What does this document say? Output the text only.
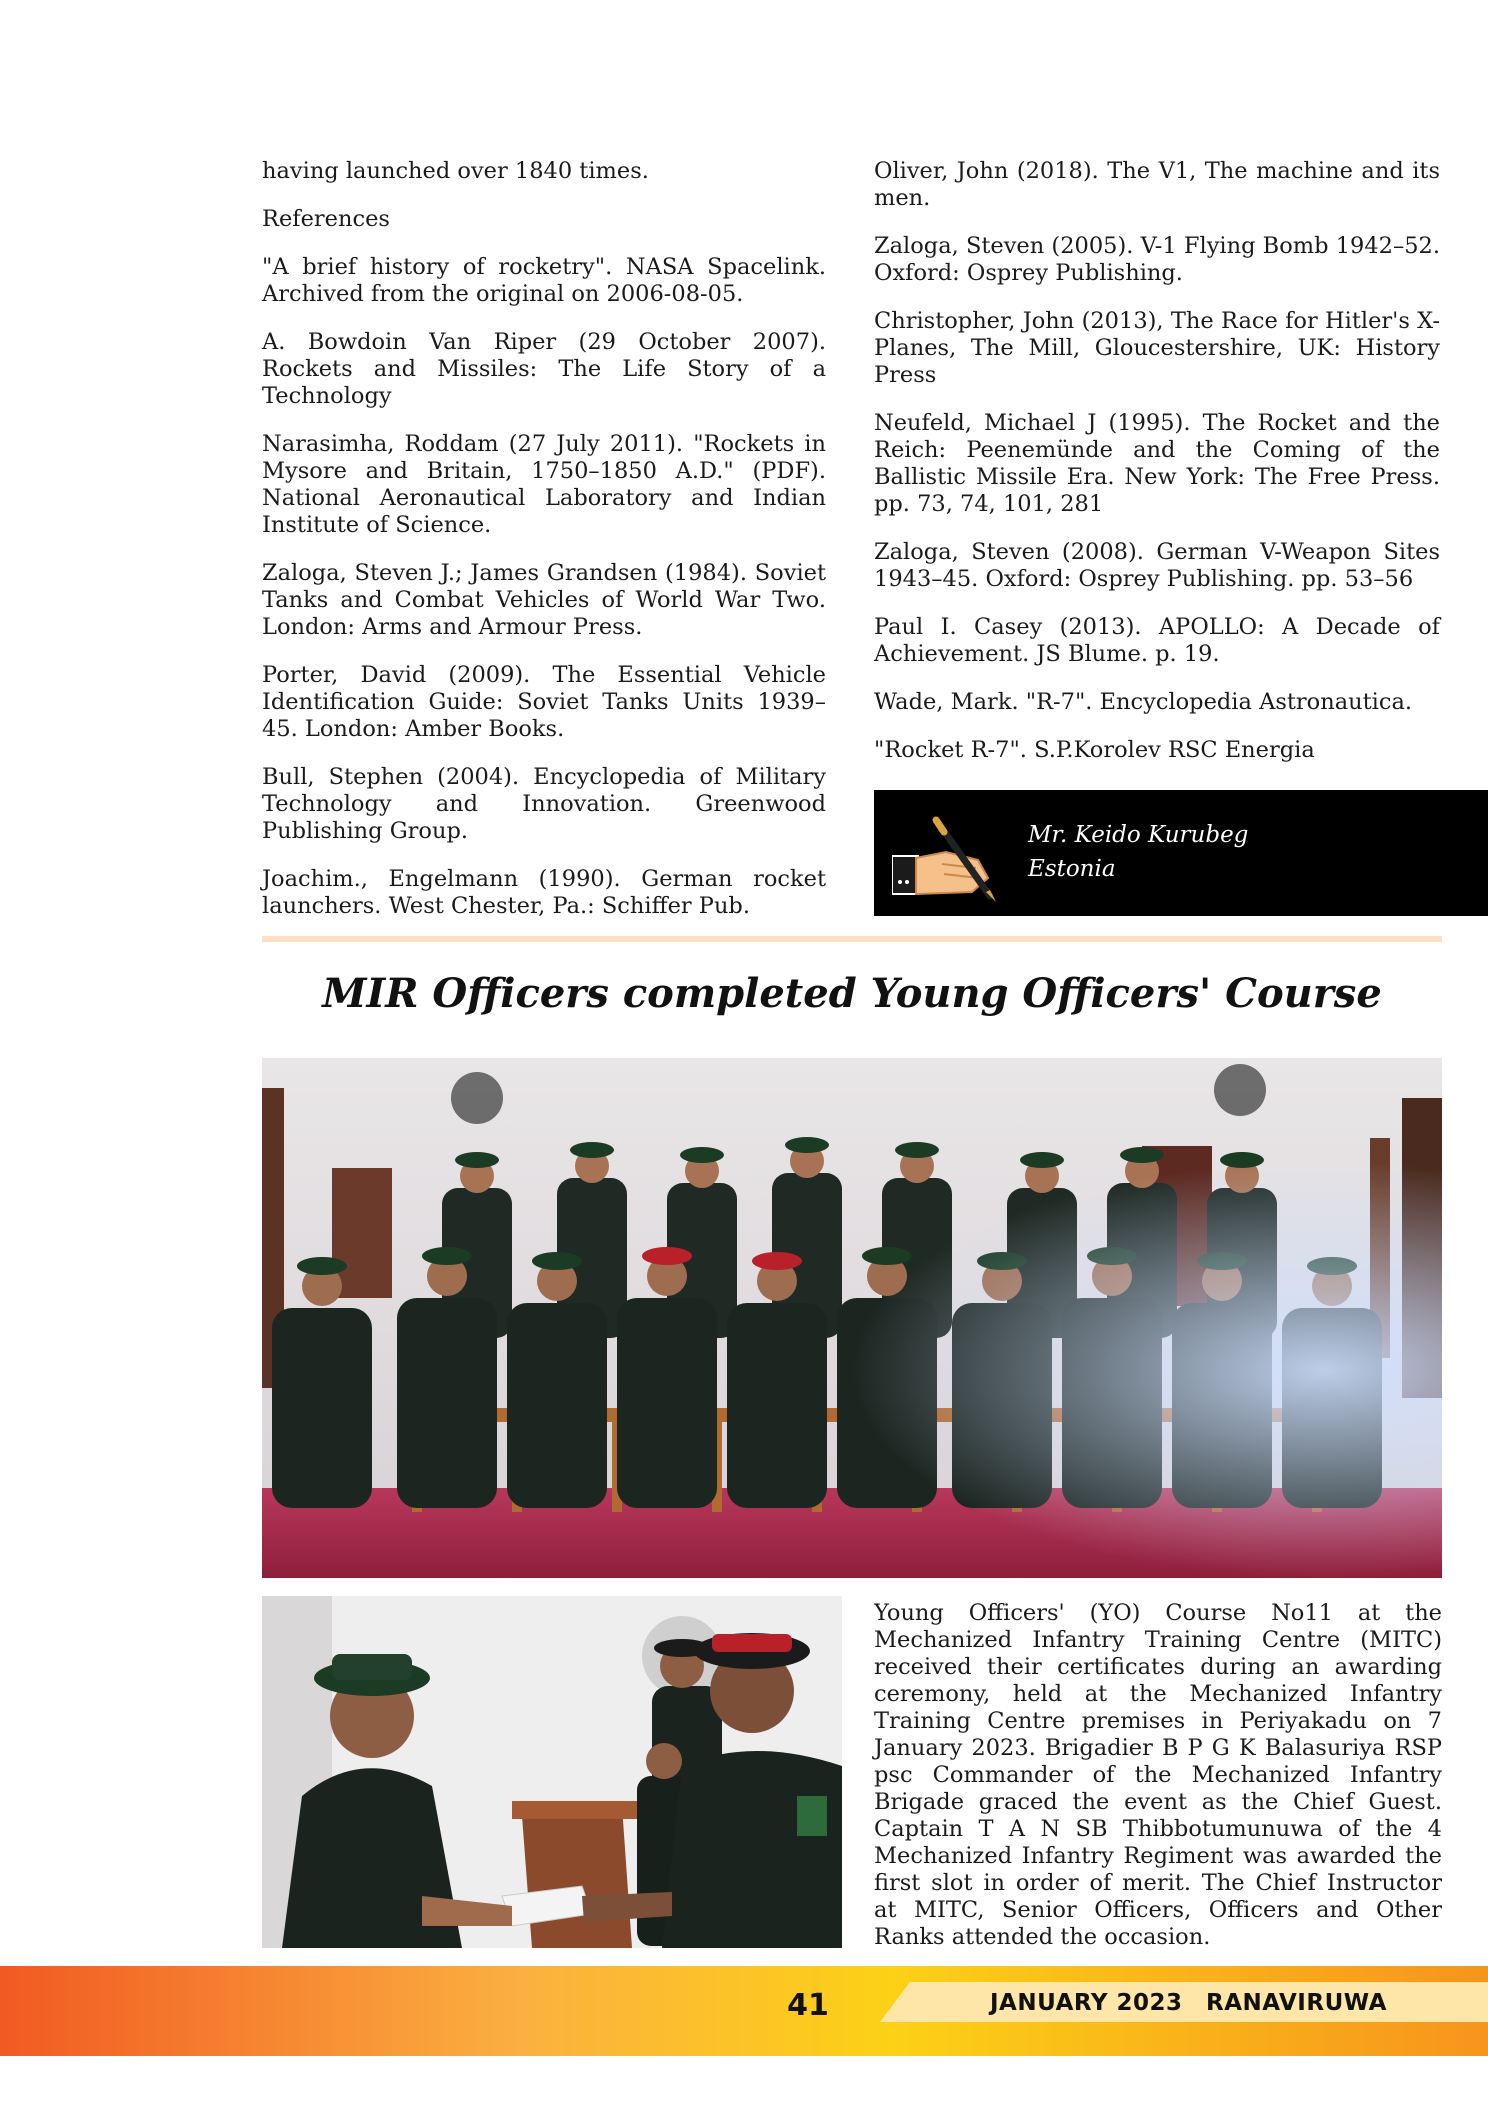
having launched over 1840 times.

References

"A brief history of rocketry". NASA Spacelink. Archived from the original on 2006-08-05.

A. Bowdoin Van Riper (29 October 2007). Rockets and Missiles: The Life Story of a Technology

Narasimha, Roddam (27 July 2011). "Rockets in Mysore and Britain, 1750–1850 A.D." (PDF). National Aeronautical Laboratory and Indian Institute of Science.

Zaloga, Steven J.; James Grandsen (1984). Soviet Tanks and Combat Vehicles of World War Two. London: Arms and Armour Press.

Porter, David (2009). The Essential Vehicle Identification Guide: Soviet Tanks Units 1939–45. London: Amber Books.

Bull, Stephen (2004). Encyclopedia of Military Technology and Innovation. Greenwood Publishing Group.

Joachim., Engelmann (1990). German rocket launchers. West Chester, Pa.: Schiffer Pub.

Oliver, John (2018). The V1, The machine and its men.

Zaloga, Steven (2005). V-1 Flying Bomb 1942–52. Oxford: Osprey Publishing.

Christopher, John (2013), The Race for Hitler's X-Planes, The Mill, Gloucestershire, UK: History Press

Neufeld, Michael J (1995). The Rocket and the Reich: Peenemünde and the Coming of the Ballistic Missile Era. New York: The Free Press. pp. 73, 74, 101, 281

Zaloga, Steven (2008). German V-Weapon Sites 1943–45. Oxford: Osprey Publishing. pp. 53–56

Paul I. Casey (2013). APOLLO: A Decade of Achievement. JS Blume. p. 19.

Wade, Mark. "R-7". Encyclopedia Astronautica.

"Rocket R-7". S.P.Korolev RSC Energia

Mr. Keido Kurubeg
Estonia
MIR Officers completed Young Officers' Course

Young Officers' (YO) Course No11 at the Mechanized Infantry Training Centre (MITC) received their certificates during an awarding ceremony, held at the Mechanized Infantry Training Centre premises in Periyakadu on 7 January 2023. Brigadier B P G K Balasuriya RSP psc Commander of the Mechanized Infantry Brigade graced the event as the Chief Guest. Captain T A N SB Thibbotumunuwa of the 4 Mechanized Infantry Regiment was awarded the first slot in order of merit. The Chief Instructor at MITC, Senior Officers, Officers and Other Ranks attended the occasion.

41	JANUARY 2023 RANAVIRUWA
